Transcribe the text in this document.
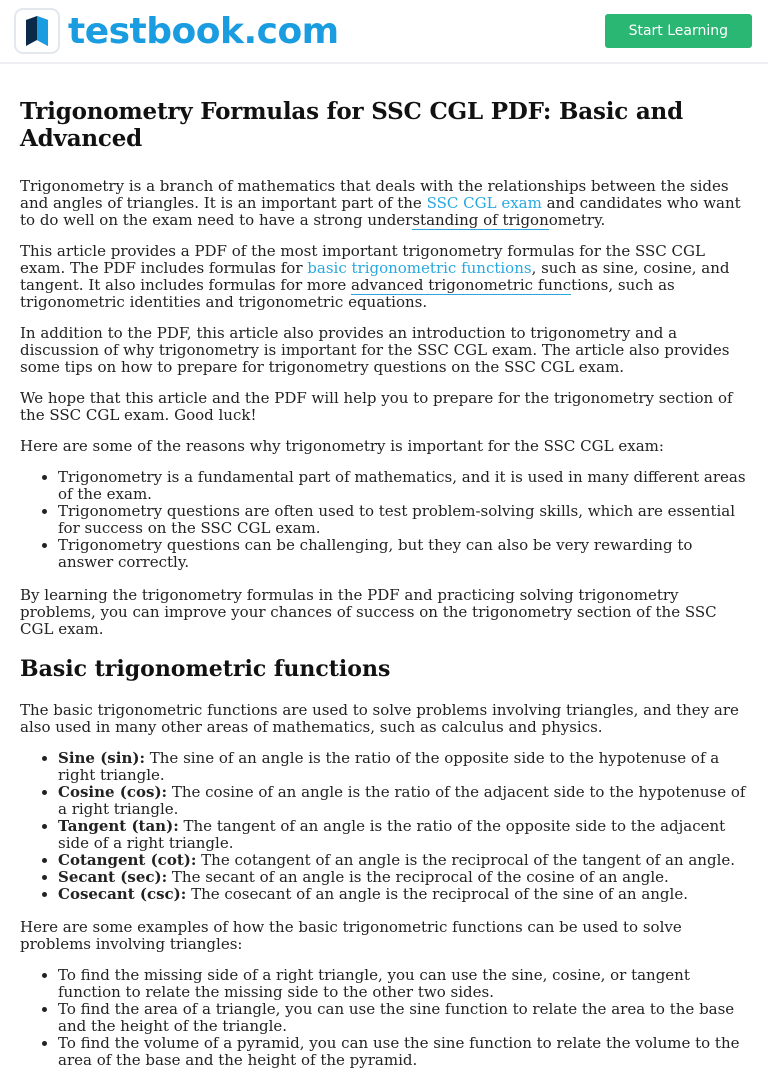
testbook.com	Start Learning
Trigonometry Formulas for SSC CGL PDF: Basic and Advanced

Trigonometry is a branch of mathematics that deals with the relationships between the sides and angles of triangles. It is an important part of the SSC CGL exam and candidates who want to do well on the exam need to have a strong understanding of trigonometry.

This article provides a PDF of the most important trigonometry formulas for the SSC CGL exam. The PDF includes formulas for basic trigonometric functions, such as sine, cosine, and tangent. It also includes formulas for more advanced trigonometric functions, such as trigonometric identities and trigonometric equations.

In addition to the PDF, this article also provides an introduction to trigonometry and a discussion of why trigonometry is important for the SSC CGL exam. The article also provides some tips on how to prepare for trigonometry questions on the SSC CGL exam.

We hope that this article and the PDF will help you to prepare for the trigonometry section of the SSC CGL exam. Good luck!

Here are some of the reasons why trigonometry is important for the SSC CGL exam:

• Trigonometry is a fundamental part of mathematics, and it is used in many different areas of the exam.
• Trigonometry questions are often used to test problem-solving skills, which are essential for success on the SSC CGL exam.
• Trigonometry questions can be challenging, but they can also be very rewarding to answer correctly.

By learning the trigonometry formulas in the PDF and practicing solving trigonometry problems, you can improve your chances of success on the trigonometry section of the SSC CGL exam.

Basic trigonometric functions

The basic trigonometric functions are used to solve problems involving triangles, and they are also used in many other areas of mathematics, such as calculus and physics.

• Sine (sin): The sine of an angle is the ratio of the opposite side to the hypotenuse of a right triangle.
• Cosine (cos): The cosine of an angle is the ratio of the adjacent side to the hypotenuse of a right triangle.
• Tangent (tan): The tangent of an angle is the ratio of the opposite side to the adjacent side of a right triangle.
• Cotangent (cot): The cotangent of an angle is the reciprocal of the tangent of an angle.
• Secant (sec): The secant of an angle is the reciprocal of the cosine of an angle.
• Cosecant (csc): The cosecant of an angle is the reciprocal of the sine of an angle.

Here are some examples of how the basic trigonometric functions can be used to solve problems involving triangles:

• To find the missing side of a right triangle, you can use the sine, cosine, or tangent function to relate the missing side to the other two sides.
• To find the area of a triangle, you can use the sine function to relate the area to the base and the height of the triangle.
• To find the volume of a pyramid, you can use the sine function to relate the volume to the area of the base and the height of the pyramid.
